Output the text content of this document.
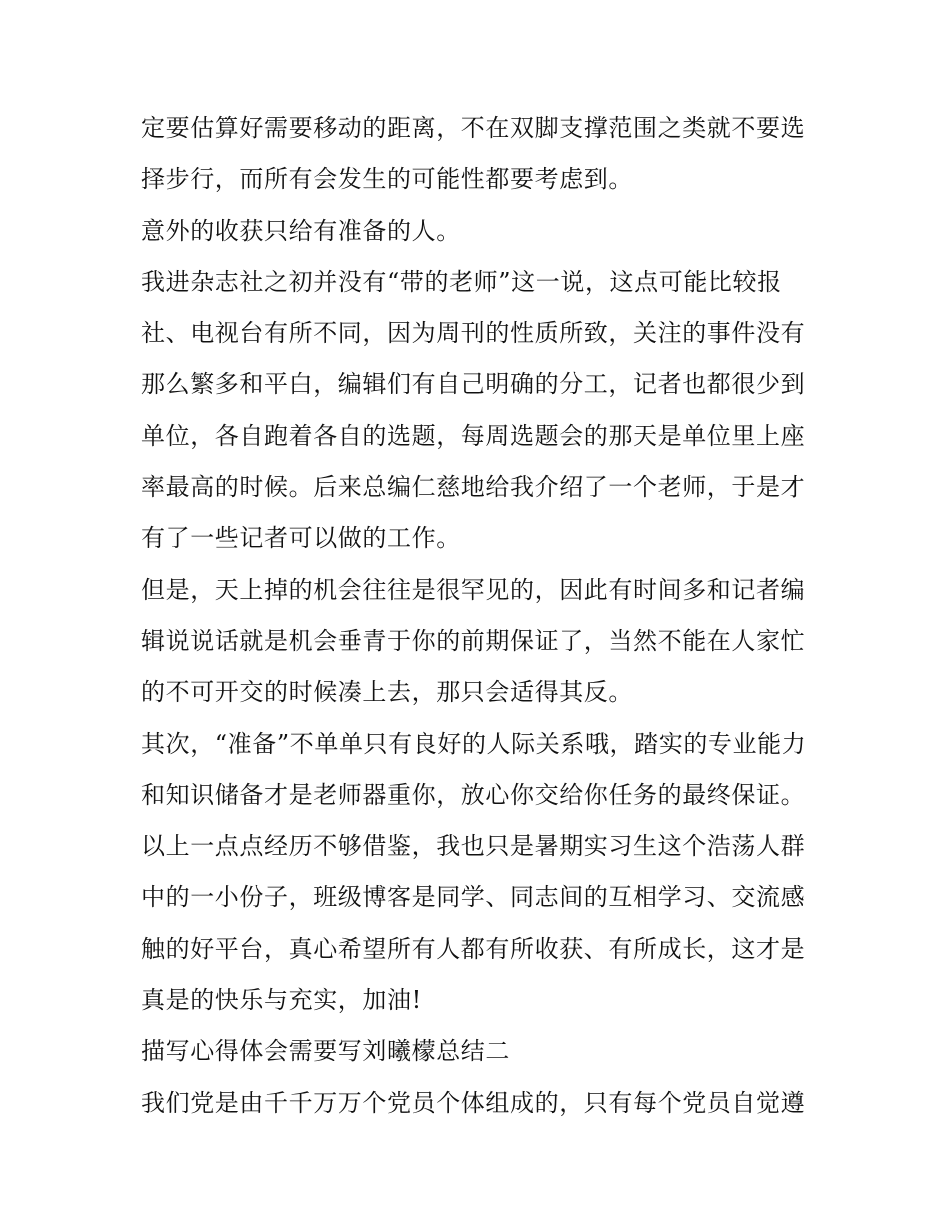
定要估算好需要移动的距离，不在双脚支撑范围之类就不要选
择步行，而所有会发生的可能性都要考虑到。
意外的收获只给有准备的人。
我进杂志社之初并没有“带的老师”这一说，这点可能比较报
社、电视台有所不同，因为周刊的性质所致，关注的事件没有
那么繁多和平白，编辑们有自己明确的分工，记者也都很少到
单位，各自跑着各自的选题，每周选题会的那天是单位里上座
率最高的时候。后来总编仁慈地给我介绍了一个老师，于是才
有了一些记者可以做的工作。
但是，天上掉的机会往往是很罕见的，因此有时间多和记者编
辑说说话就是机会垂青于你的前期保证了，当然不能在人家忙
的不可开交的时候凑上去，那只会适得其反。
其次，“准备”不单单只有良好的人际关系哦，踏实的专业能力
和知识储备才是老师器重你，放心你交给你任务的最终保证。
以上一点点经历不够借鉴，我也只是暑期实习生这个浩荡人群
中的一小份子，班级博客是同学、同志间的互相学习、交流感
触的好平台，真心希望所有人都有所收获、有所成长，这才是
真是的快乐与充实，加油!
描写心得体会需要写刘曦檬总结二
我们党是由千千万万个党员个体组成的，只有每个党员自觉遵
